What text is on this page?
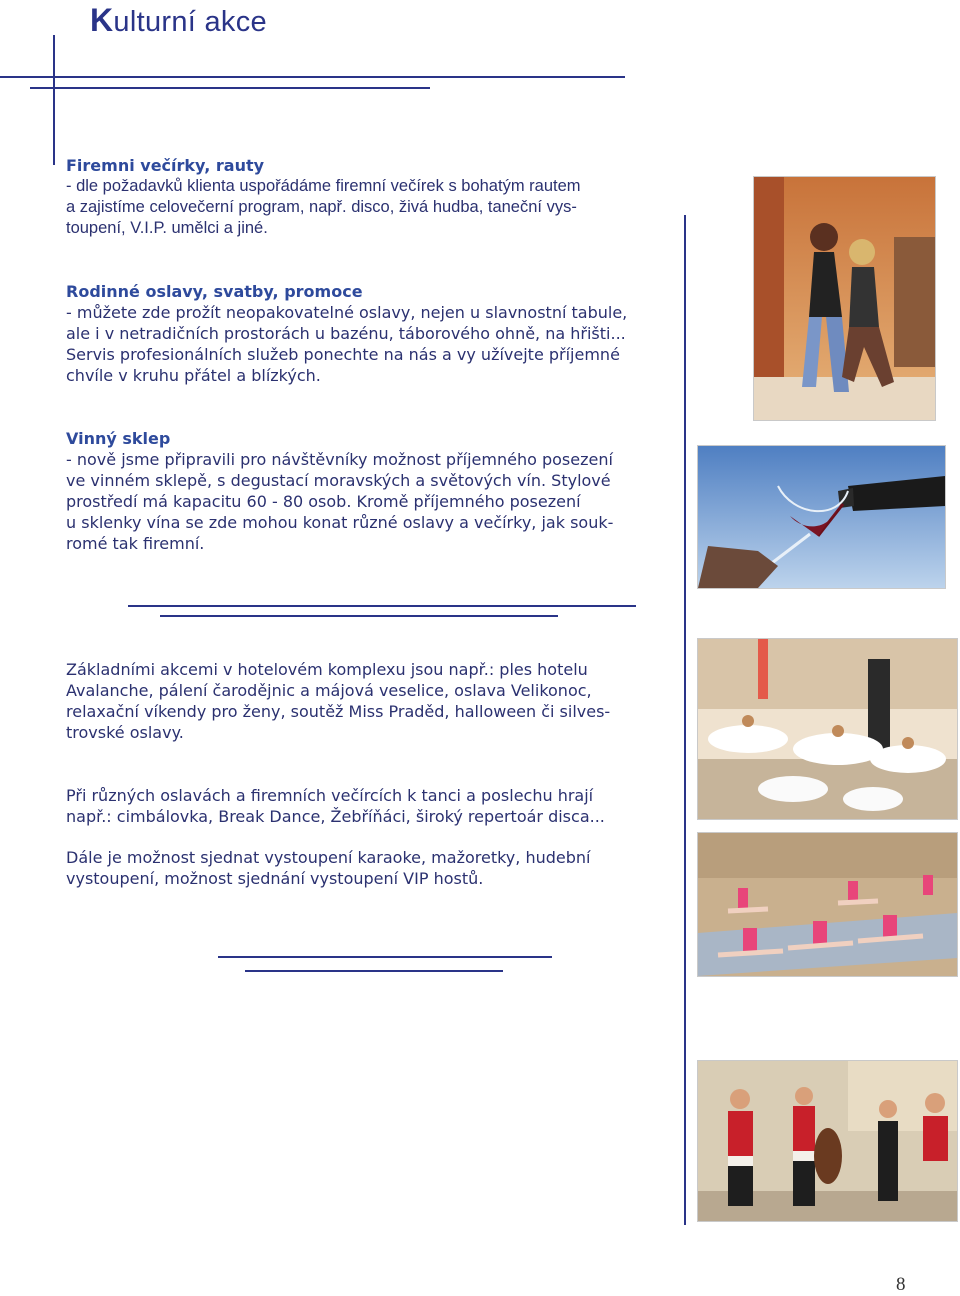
Kulturní akce
Firemni večírky, rauty
- dle požadavků klienta uspořádáme firemní večírek s bohatým rautem
a zajistíme celovečerní program, např. disco, živá hudba, taneční vys-
toupení, V.I.P. umělci a jiné.
Rodinné oslavy, svatby, promoce
- můžete zde prožít neopakovatelné oslavy, nejen u slavnostní tabule,
ale i v netradičních prostorách u bazénu, táborového ohně, na hřišti...
Servis profesionálních služeb ponechte na nás a vy užívejte příjemné
chvíle v kruhu přátel a blízkých.
Vinný sklep
- nově jsme připravili pro návštěvníky možnost příjemného posezení
ve vinném sklepě, s degustací moravských a světových vín. Stylové
prostředí má kapacitu 60 - 80 osob. Kromě příjemného posezení
u sklenky vína se zde mohou konat různé oslavy a večírky, jak souk-
romé tak firemní.
Základními akcemi v hotelovém komplexu jsou např.: ples hotelu
Avalanche, pálení čarodějnic a májová veselice, oslava Velikonoc,
relaxační víkendy pro ženy, soutěž Miss Praděd, halloween či silves-
trovské oslavy.
Při různých oslavách a firemních večírcích k tanci a poslechu hrají
např.: cimbálovka, Break Dance, Žebříňáci, široký repertoár disca...
Dále je možnost sjednat vystoupení karaoke, mažoretky, hudební
vystoupení, možnost sjednání vystoupení VIP hostů.
8
